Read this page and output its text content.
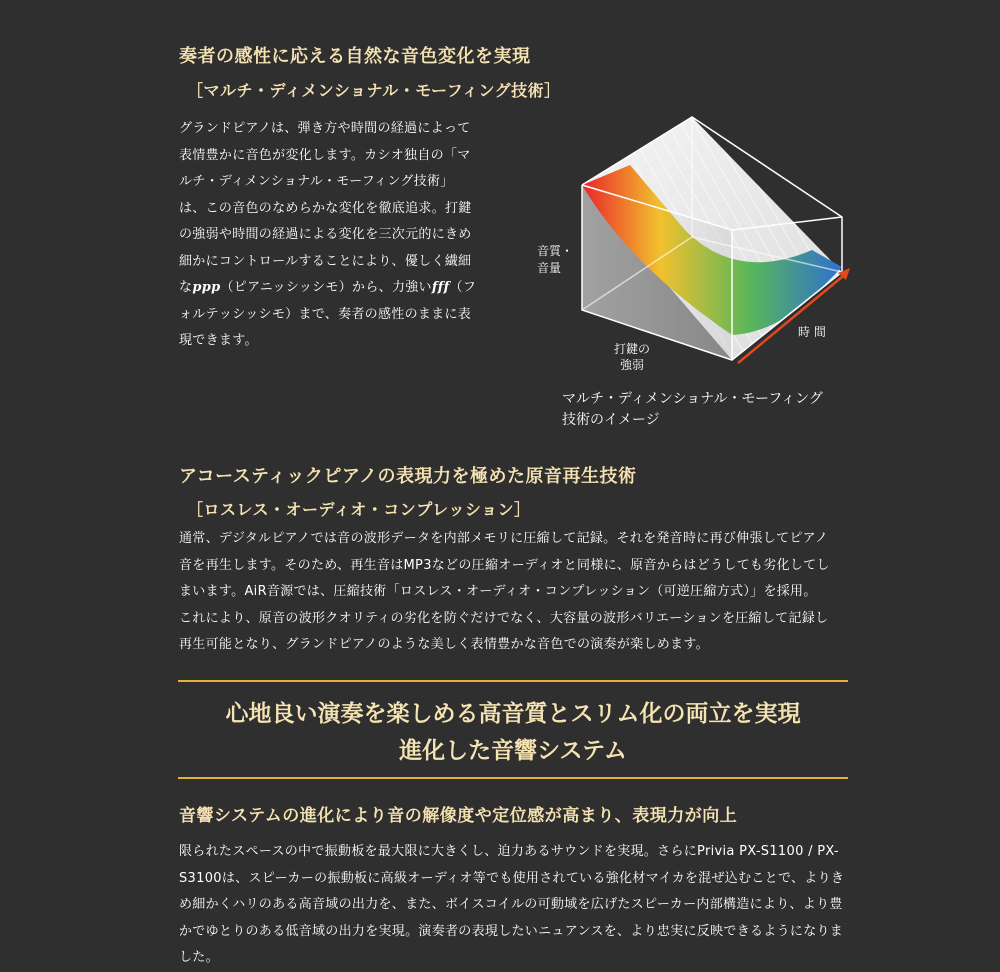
奏者の感性に応える自然な音色変化を実現
［マルチ・ディメンショナル・モーフィング技術］
グランドピアノは、弾き方や時間の経過によって
表情豊かに音色が変化します。カシオ独自の「マ
ルチ・ディメンショナル・モーフィング技術」
は、この音色のなめらかな変化を徹底追求。打鍵
の強弱や時間の経過による変化を三次元的にきめ
細かにコントロールすることにより、優しく繊細
なppp（ピアニッシッシモ）から、力強いfff（フ
ォルテッシッシモ）まで、奏者の感性のままに表
現できます。
音質・
音量
時 間
打鍵の
強弱
マルチ・ディメンショナル・モーフィング
技術のイメージ
アコースティックピアノの表現力を極めた原音再生技術
［ロスレス・オーディオ・コンプレッション］
通常、デジタルピアノでは音の波形データを内部メモリに圧縮して記録。それを発音時に再び伸張してピアノ
音を再生します。そのため、再生音はMP3などの圧縮オーディオと同様に、原音からはどうしても劣化してし
まいます。AiR音源では、圧縮技術「ロスレス・オーディオ・コンプレッション（可逆圧縮方式）」を採用。
これにより、原音の波形クオリティの劣化を防ぐだけでなく、大容量の波形バリエーションを圧縮して記録し
再生可能となり、グランドピアノのような美しく表情豊かな音色での演奏が楽しめます。
心地良い演奏を楽しめる高音質とスリム化の両立を実現
進化した音響システム
音響システムの進化により音の解像度や定位感が高まり、表現力が向上
限られたスペースの中で振動板を最大限に大きくし、迫力あるサウンドを実現。さらにPrivia PX-S1100 / PX-
S3100は、スピーカーの振動板に高級オーディオ等でも使用されている強化材マイカを混ぜ込むことで、よりき
め細かくハリのある高音域の出力を、また、ボイスコイルの可動域を広げたスピーカー内部構造により、より豊
かでゆとりのある低音域の出力を実現。演奏者の表現したいニュアンスを、より忠実に反映できるようになりま
した。
